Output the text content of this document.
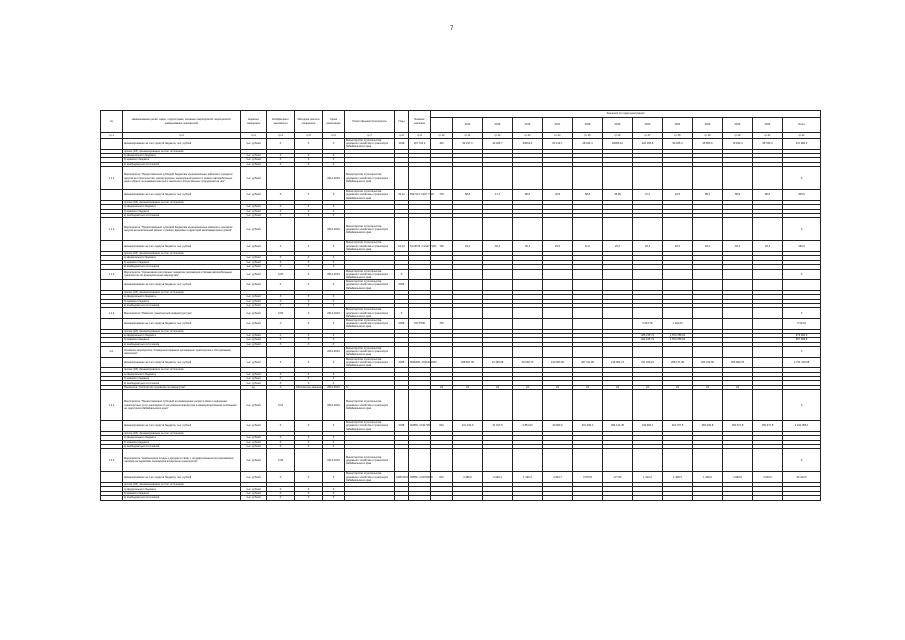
7
№	Наименование целей, задач, подпрограмм, основных мероприятий, мероприятий, наименование показателей	Единица измерения	Коэффициент значимости	Методика расчета показателя	Сроки реализации	Ответственный исполнитель	Годы	Базовое значение	Значения по годам реализации												
										2014	2015	2016	2017	2018	2019	2020	2021	2022	2023	2024	Итого
гр.1	гр.2	гр.3	гр.4	гр.5	гр.6	гр.7	гр.8	гр.9	гр.10	гр.11	гр.12	гр.13	гр.14	гр.15	гр.16	гр.17	гр.18	гр.19	гр.20	гр.21	гр.22
	финансирование за счет средств бюджета, тыс. рублей	тыс. рублей	Х	Х	Х	Министерство строительства дорожного хозяйства и транспорта Забайкальского края	2018	167 724,0	100	92 237,0	23 466,7	60064,0	82 114,7	28 444,4	83065,10	120 106,8	90 465,4	45 850,6	79 293,4	58 780,4	447 984,2
	прочие (КЗ), финансирование за счет источников																				
	а) федерального бюджета	тыс. рублей	Х	Х	Х																
	б) краевого бюджета	тыс. рублей	Х	Х	Х																
	в) внебюджетных источников	тыс. рублей	Х	Х	Х																
1.1.1	Мероприятие "Предоставление субсидий бюджетам муниципальных районов и городских округов на строительство, реконструкцию, капитальный ремонт и ремонт автомобильных дорог общего пользования местного значения и искусственных сооружений на них"	тыс. рублей			2014-2024	Министерство строительства дорожного хозяйства и транспорта Забайкальского края															Х
	финансирование за счет средств бюджета, тыс. рублей	тыс. рублей	Х	Х	Х	Министерство строительства дорожного хозяйства и транспорта Забайкальского края	04.12	5927,8 С 14А7 7100	700	58,8	17,3	58,8	32,8	58,8	45,99	47,2	44,5	85,2	58,8	58,8	405,6
	прочие (КЗ), финансирование за счет источников																				
	а) федерального бюджета	тыс. рублей	Х	Х	Х																
	б) краевого бюджета	тыс. рублей	Х	Х	Х																
	в) внебюджетных источников	тыс. рублей	Х	Х	Х																
1.1.2	Мероприятие "Предоставление субсидий бюджетам муниципальных районов и городских округов на капитальный ремонт и ремонт дворовых территорий многоквартирных домов"	тыс. рублей			2014-2024	Министерство строительства дорожного хозяйства и транспорта Забайкальского края															Х
	финансирование за счет средств бюджета, тыс. рублей	тыс. рублей	Х	Х	Х	Министерство строительства дорожного хозяйства и транспорта Забайкальского края	04.12	5,1ИИ72, С14А7 7100	700	24,4	18,4	35,4	23,6	11,0	23,6	18,3	18,3	18,3	18,3	18,3	290,6
	прочие (КЗ), финансирование за счет источников																				
	а) федерального бюджета	тыс. рублей	Х	Х	Х																
	б) краевого бюджета	тыс. рублей	Х	Х	Х																
	в) внебюджетных источников	тыс. рублей	Х	Х	Х																
1.1.3	Мероприятие "Организация регулярных перевозок пассажиров и багажа автомобильным транспортом по муниципальным маршрутам"	тыс. рублей	0,05	Х	2014-2024	Министерство строительства дорожного хозяйства и транспорта Забайкальского края	Х														Х
	финансирование за счет средств бюджета, тыс. рублей	тыс. рублей	Х	Х	Х	Министерство строительства дорожного хозяйства и транспорта Забайкальского края	0408														
	прочие (КЗ), финансирование за счет источников																				
	а) федерального бюджета	тыс. рублей	Х	Х	Х																
	б) краевого бюджета	тыс. рублей	Х	Х	Х																
	в) внебюджетных источников	тыс. рублей	Х	Х	Х																
1.1.4	Мероприятие "Развитие транспортной инфраструктуры"	тыс. рублей	0,05	Х	2014-2024	Министерство строительства дорожного хозяйства и транспорта Забайкальского края	Х														Х
	финансирование за счет средств бюджета, тыс. рублей	тыс. рублей	Х	Х	Х	Министерство строительства дорожного хозяйства и транспорта Забайкальского края	0408	ГАТ 8Т00	700							6 064,78	1 104,00				6 314,8
	прочие (КЗ), финансирование за счет источников																				
	а) федерального бюджета	тыс. рублей	Х	Х	Х											465 215,73	1 873 786,04				473 090,0
	б) краевого бюджета	тыс. рублей	Х	Х	Х											403 215,73	1 873 786,04				457 086,8
	в) внебюджетных источников	тыс. рублей	Х	Х	Х																
1.2.	Основное мероприятие "Совершенствование организации транспортного обслуживания населения"				2014-2024	Министерство строительства дорожного хозяйства и транспорта Забайкальского края															Х
	финансирование за счет средств бюджета, тыс. рублей	тыс. рублей	Х	Х	Х	Министерство строительства дорожного хозяйства и транспорта Забайкальского края	0408	0000000, С0014А0000		268 667,06	13 196,08	16 648,70	100 000,00	207 111,08	219 081,72	211 043,22	258 471,99	263 373,60	265 990,78		2 701 125,58
	прочие (КЗ), финансирование за счет источников																				
	а) федерального бюджета	тыс. рублей	Х	Х	Х																
	б) краевого бюджета	тыс. рублей	Х	Х	Х																
	в) внебюджетных источников	тыс. рублей	Х	Х	Х																
	Показатель "Количество перевозок по маршрутам"	ед.	Х	Абсолютное значение	2014-2024	%			24	24	24	24	24	24	24	24	24	24	24		
1.2.1	Мероприятие "Предоставление субсидий на возмещение затрат в связи с оказанием транспортных услуг населению по регулярным маршрутам в межмуниципальном сообщении на территории Забайкальского края"	тыс. рублей	0,01		2014-2024	Министерство строительства дорожного хозяйства и транспорта Забайкальского края															Х
	финансирование за счет средств бюджета, тыс. рублей	тыс. рублей	Х	Х	Х	Министерство строительства дорожного хозяйства и транспорта Забайкальского края	0408	4М450, С0117000	810	131 133,0	21 017,8	6 851,00	30 900,0	201 466,1	284 131,45	149 684,1	201 767,8	284 296,8	150 671,8	150 671,8	1 231 956,1
	прочие (КЗ), финансирование за счет источников																				
	а) федерального бюджета	тыс. рублей	Х	Х	Х																
	б) краевого бюджета	тыс. рублей	Х	Х	Х																
	в) внебюджетных источников	тыс. рублей	Х	Х	Х																
1.2.2	Мероприятие "Компенсация потерь в доходах в связи с государственным регулированием тарифов на перевозки пассажиров воздушным транспортом"	тыс. рублей	0,05		2014-2024	Министерство строительства дорожного хозяйства и транспорта Забайкальского края															Х
	финансирование за счет средств бюджета, тыс. рублей	тыс. рублей	Х	Х	Х	Министерство строительства дорожного хозяйства и транспорта Забайкальского края	0408 0401	4М650, С01700000	810	4 485,6	3 626,3	1 326,4	4 094,7	3 970,8	177,06	1 310,4	1 308,3	1 308,3	4 090,8	4 000,0	35 413,5
	прочие (КЗ), финансирование за счет источников																				
	а) федерального бюджета	тыс. рублей	Х	Х	Х																
	б) краевого бюджета	тыс. рублей	Х	Х	Х																
	в) внебюджетных источников	тыс. рублей	Х	Х	Х																
